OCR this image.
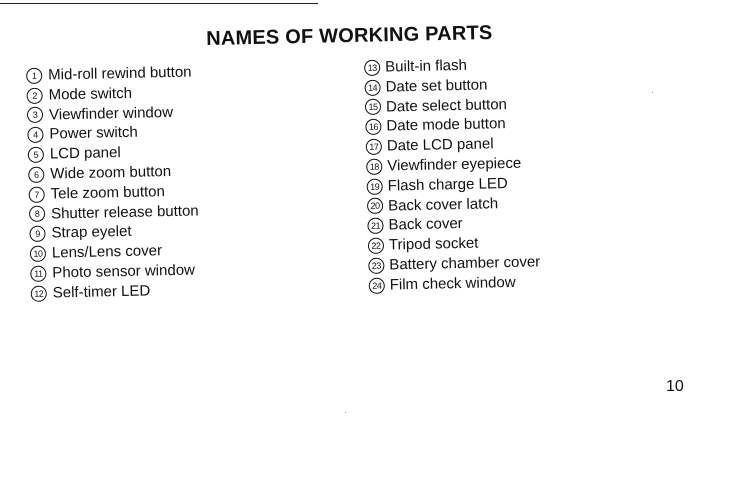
NAMES OF WORKING PARTS
1 Mid-roll rewind button
2 Mode switch
3 Viewfinder window
4 Power switch
5 LCD panel
6 Wide zoom button
7 Tele zoom button
8 Shutter release button
9 Strap eyelet
10 Lens/Lens cover
11 Photo sensor window
12 Self-timer LED
13 Built-in flash
14 Date set button
15 Date select button
16 Date mode button
17 Date LCD panel
18 Viewfinder eyepiece
19 Flash charge LED
20 Back cover latch
21 Back cover
22 Tripod socket
23 Battery chamber cover
24 Film check window
10
